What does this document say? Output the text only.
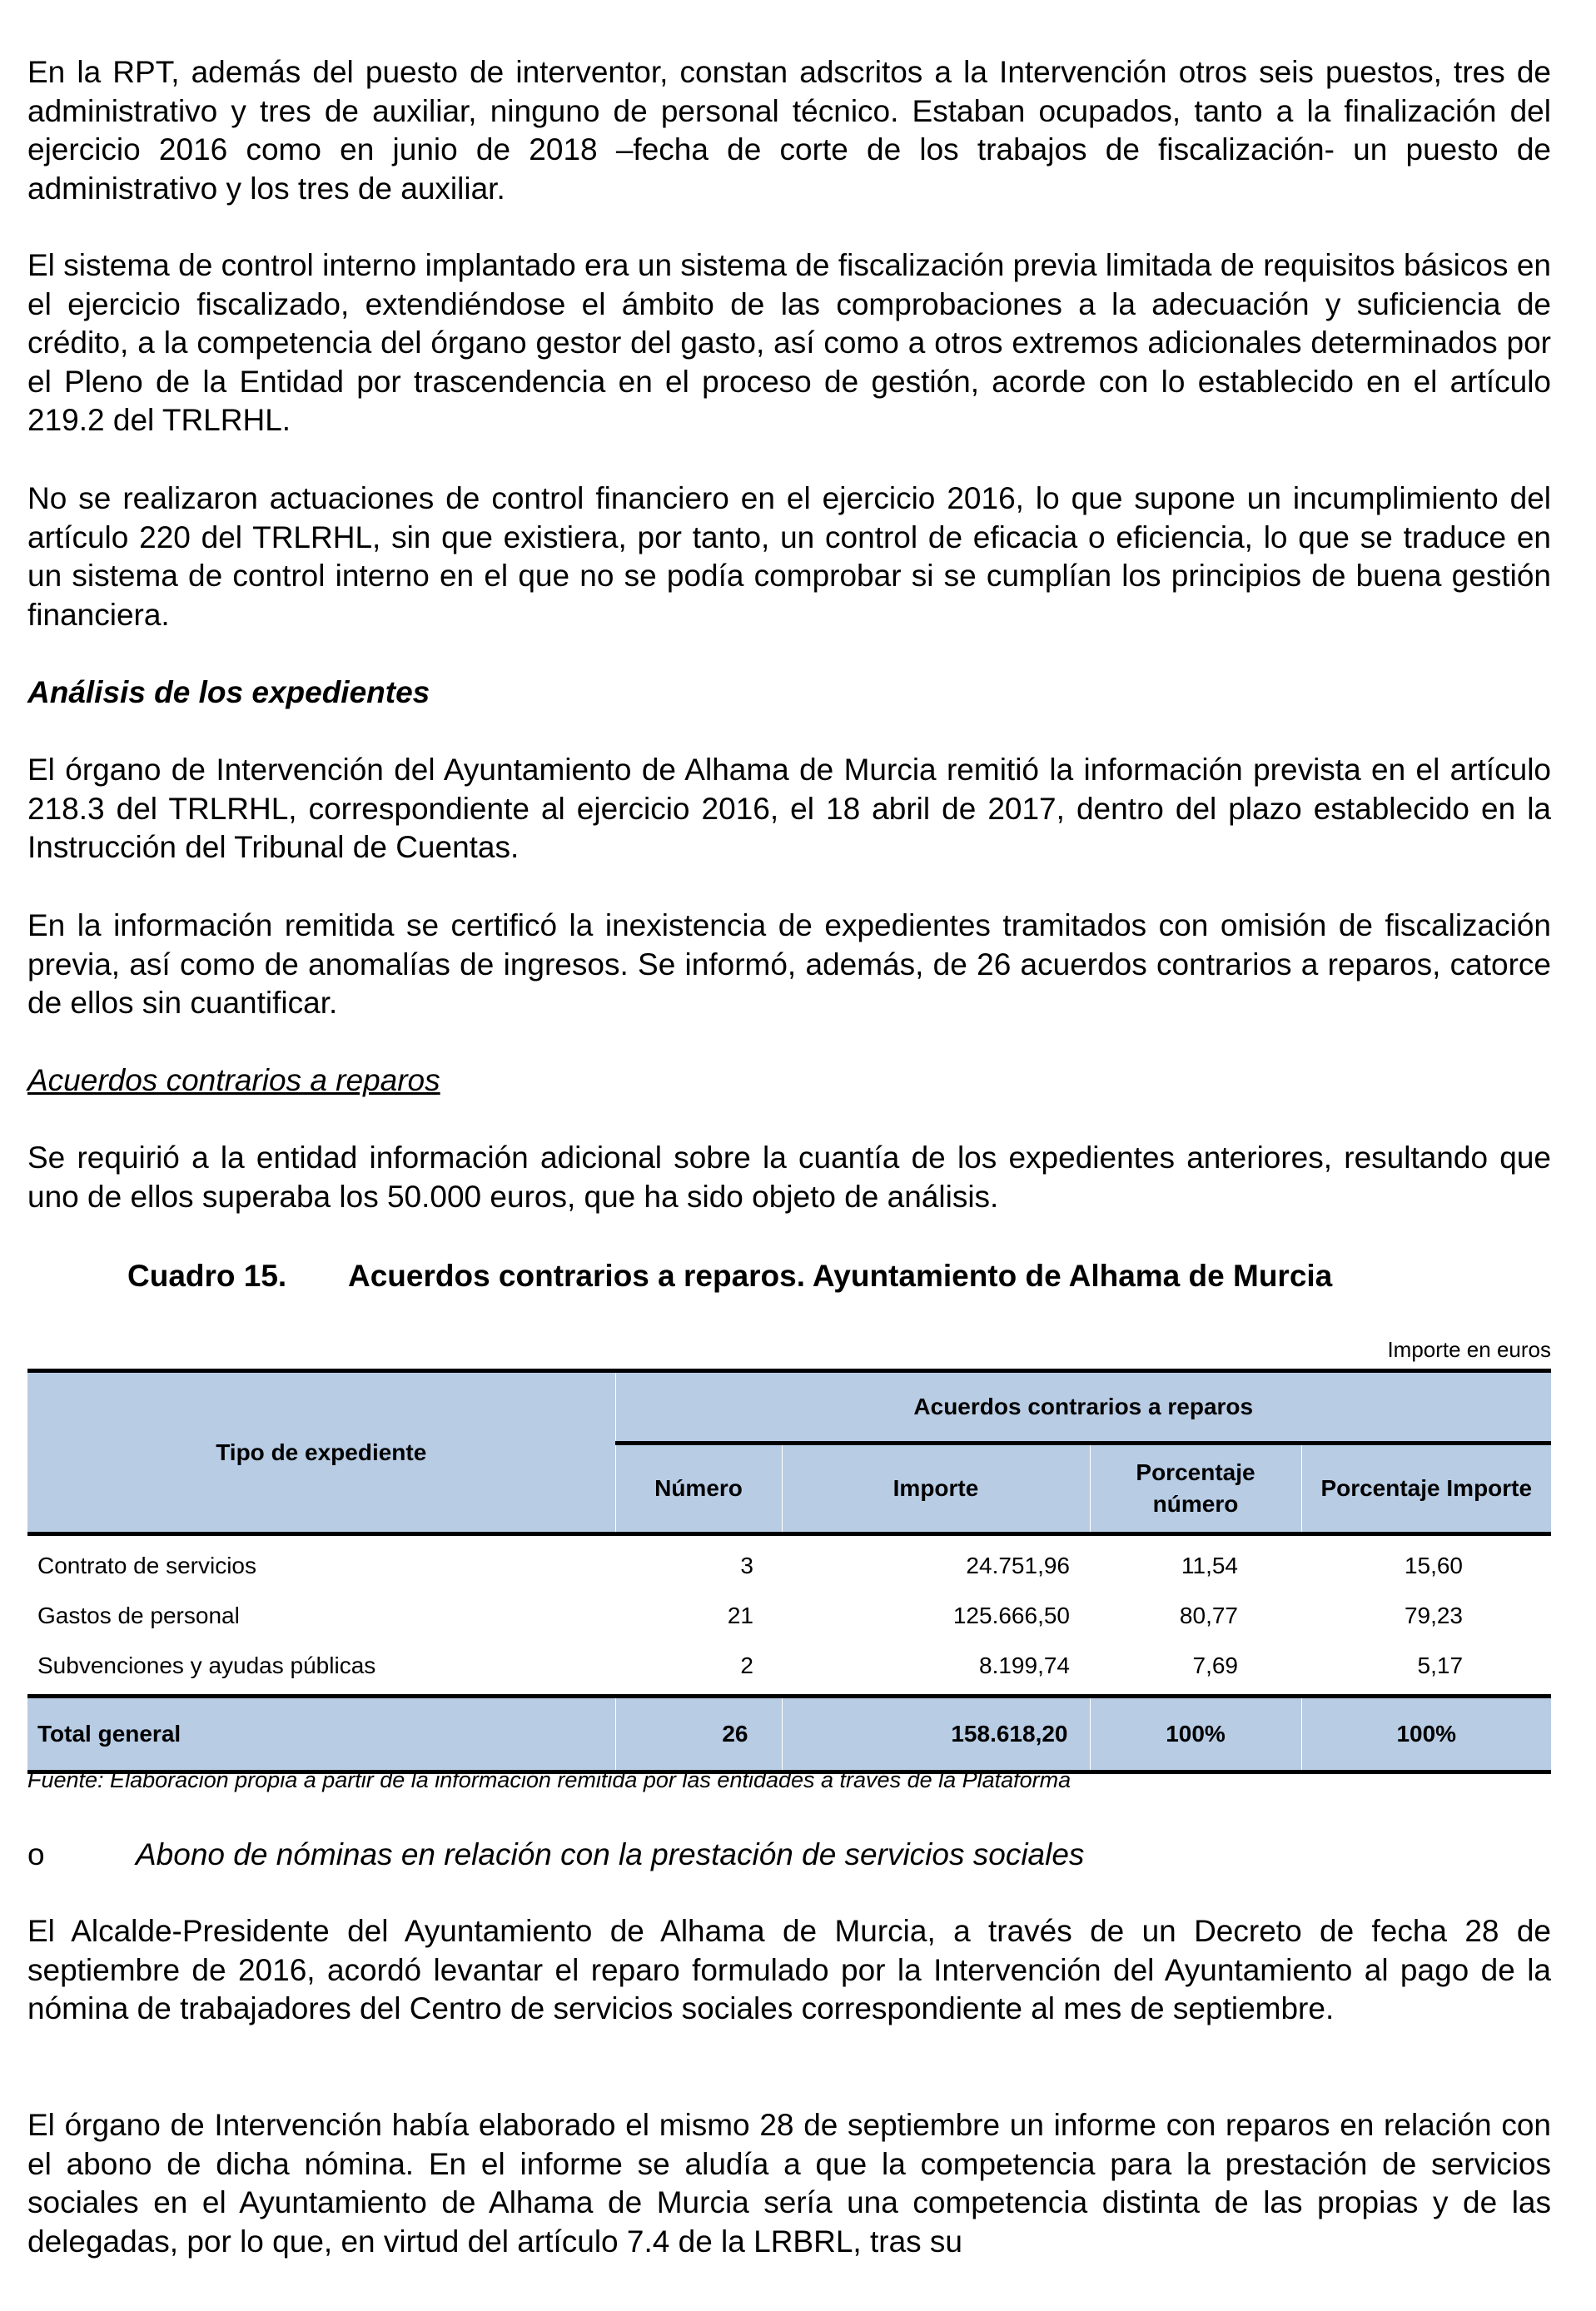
En la RPT, además del puesto de interventor, constan adscritos a la Intervención otros seis puestos, tres de administrativo y tres de auxiliar, ninguno de personal técnico. Estaban ocupados, tanto a la finalización del ejercicio 2016 como en junio de 2018 –fecha de corte de los trabajos de fiscalización- un puesto de administrativo y los tres de auxiliar.

El sistema de control interno implantado era un sistema de fiscalización previa limitada de requisitos básicos en el ejercicio fiscalizado, extendiéndose el ámbito de las comprobaciones a la adecuación y suficiencia de crédito, a la competencia del órgano gestor del gasto, así como a otros extremos adicionales determinados por el Pleno de la Entidad por trascendencia en el proceso de gestión, acorde con lo establecido en el artículo 219.2 del TRLRHL.

No se realizaron actuaciones de control financiero en el ejercicio 2016, lo que supone un incumplimiento del artículo 220 del TRLRHL, sin que existiera, por tanto, un control de eficacia o eficiencia, lo que se traduce en un sistema de control interno en el que no se podía comprobar si se cumplían los principios de buena gestión financiera.

Análisis de los expedientes

El órgano de Intervención del Ayuntamiento de Alhama de Murcia remitió la información prevista en el artículo 218.3 del TRLRHL, correspondiente al ejercicio 2016, el 18 abril de 2017, dentro del plazo establecido en la Instrucción del Tribunal de Cuentas.

En la información remitida se certificó la inexistencia de expedientes tramitados con omisión de fiscalización previa, así como de anomalías de ingresos. Se informó, además, de 26 acuerdos contrarios a reparos, catorce de ellos sin cuantificar.

Acuerdos contrarios a reparos

Se requirió a la entidad información adicional sobre la cuantía de los expedientes anteriores, resultando que uno de ellos superaba los 50.000 euros, que ha sido objeto de análisis.

Cuadro 15. Acuerdos contrarios a reparos. Ayuntamiento de Alhama de Murcia
Importe en euros
Tipo de expediente	Acuerdos contrarios a reparos			
	Número	Importe	Porcentaje número	Porcentaje Importe
Contrato de servicios	3	24.751,96	11,54	15,60
Gastos de personal	21	125.666,50	80,77	79,23
Subvenciones y ayudas públicas	2	8.199,74	7,69	5,17
Total general	26	158.618,20	100%	100%
Fuente: Elaboración propia a partir de la información remitida por las entidades a través de la Plataforma
o	Abono de nóminas en relación con la prestación de servicios sociales

El Alcalde-Presidente del Ayuntamiento de Alhama de Murcia, a través de un Decreto de fecha 28 de septiembre de 2016, acordó levantar el reparo formulado por la Intervención del Ayuntamiento al pago de la nómina de trabajadores del Centro de servicios sociales correspondiente al mes de septiembre.

El órgano de Intervención había elaborado el mismo 28 de septiembre un informe con reparos en relación con el abono de dicha nómina. En el informe se aludía a que la competencia para la prestación de servicios sociales en el Ayuntamiento de Alhama de Murcia sería una competencia distinta de las propias y de las delegadas, por lo que, en virtud del artículo 7.4 de la LRBRL, tras su
